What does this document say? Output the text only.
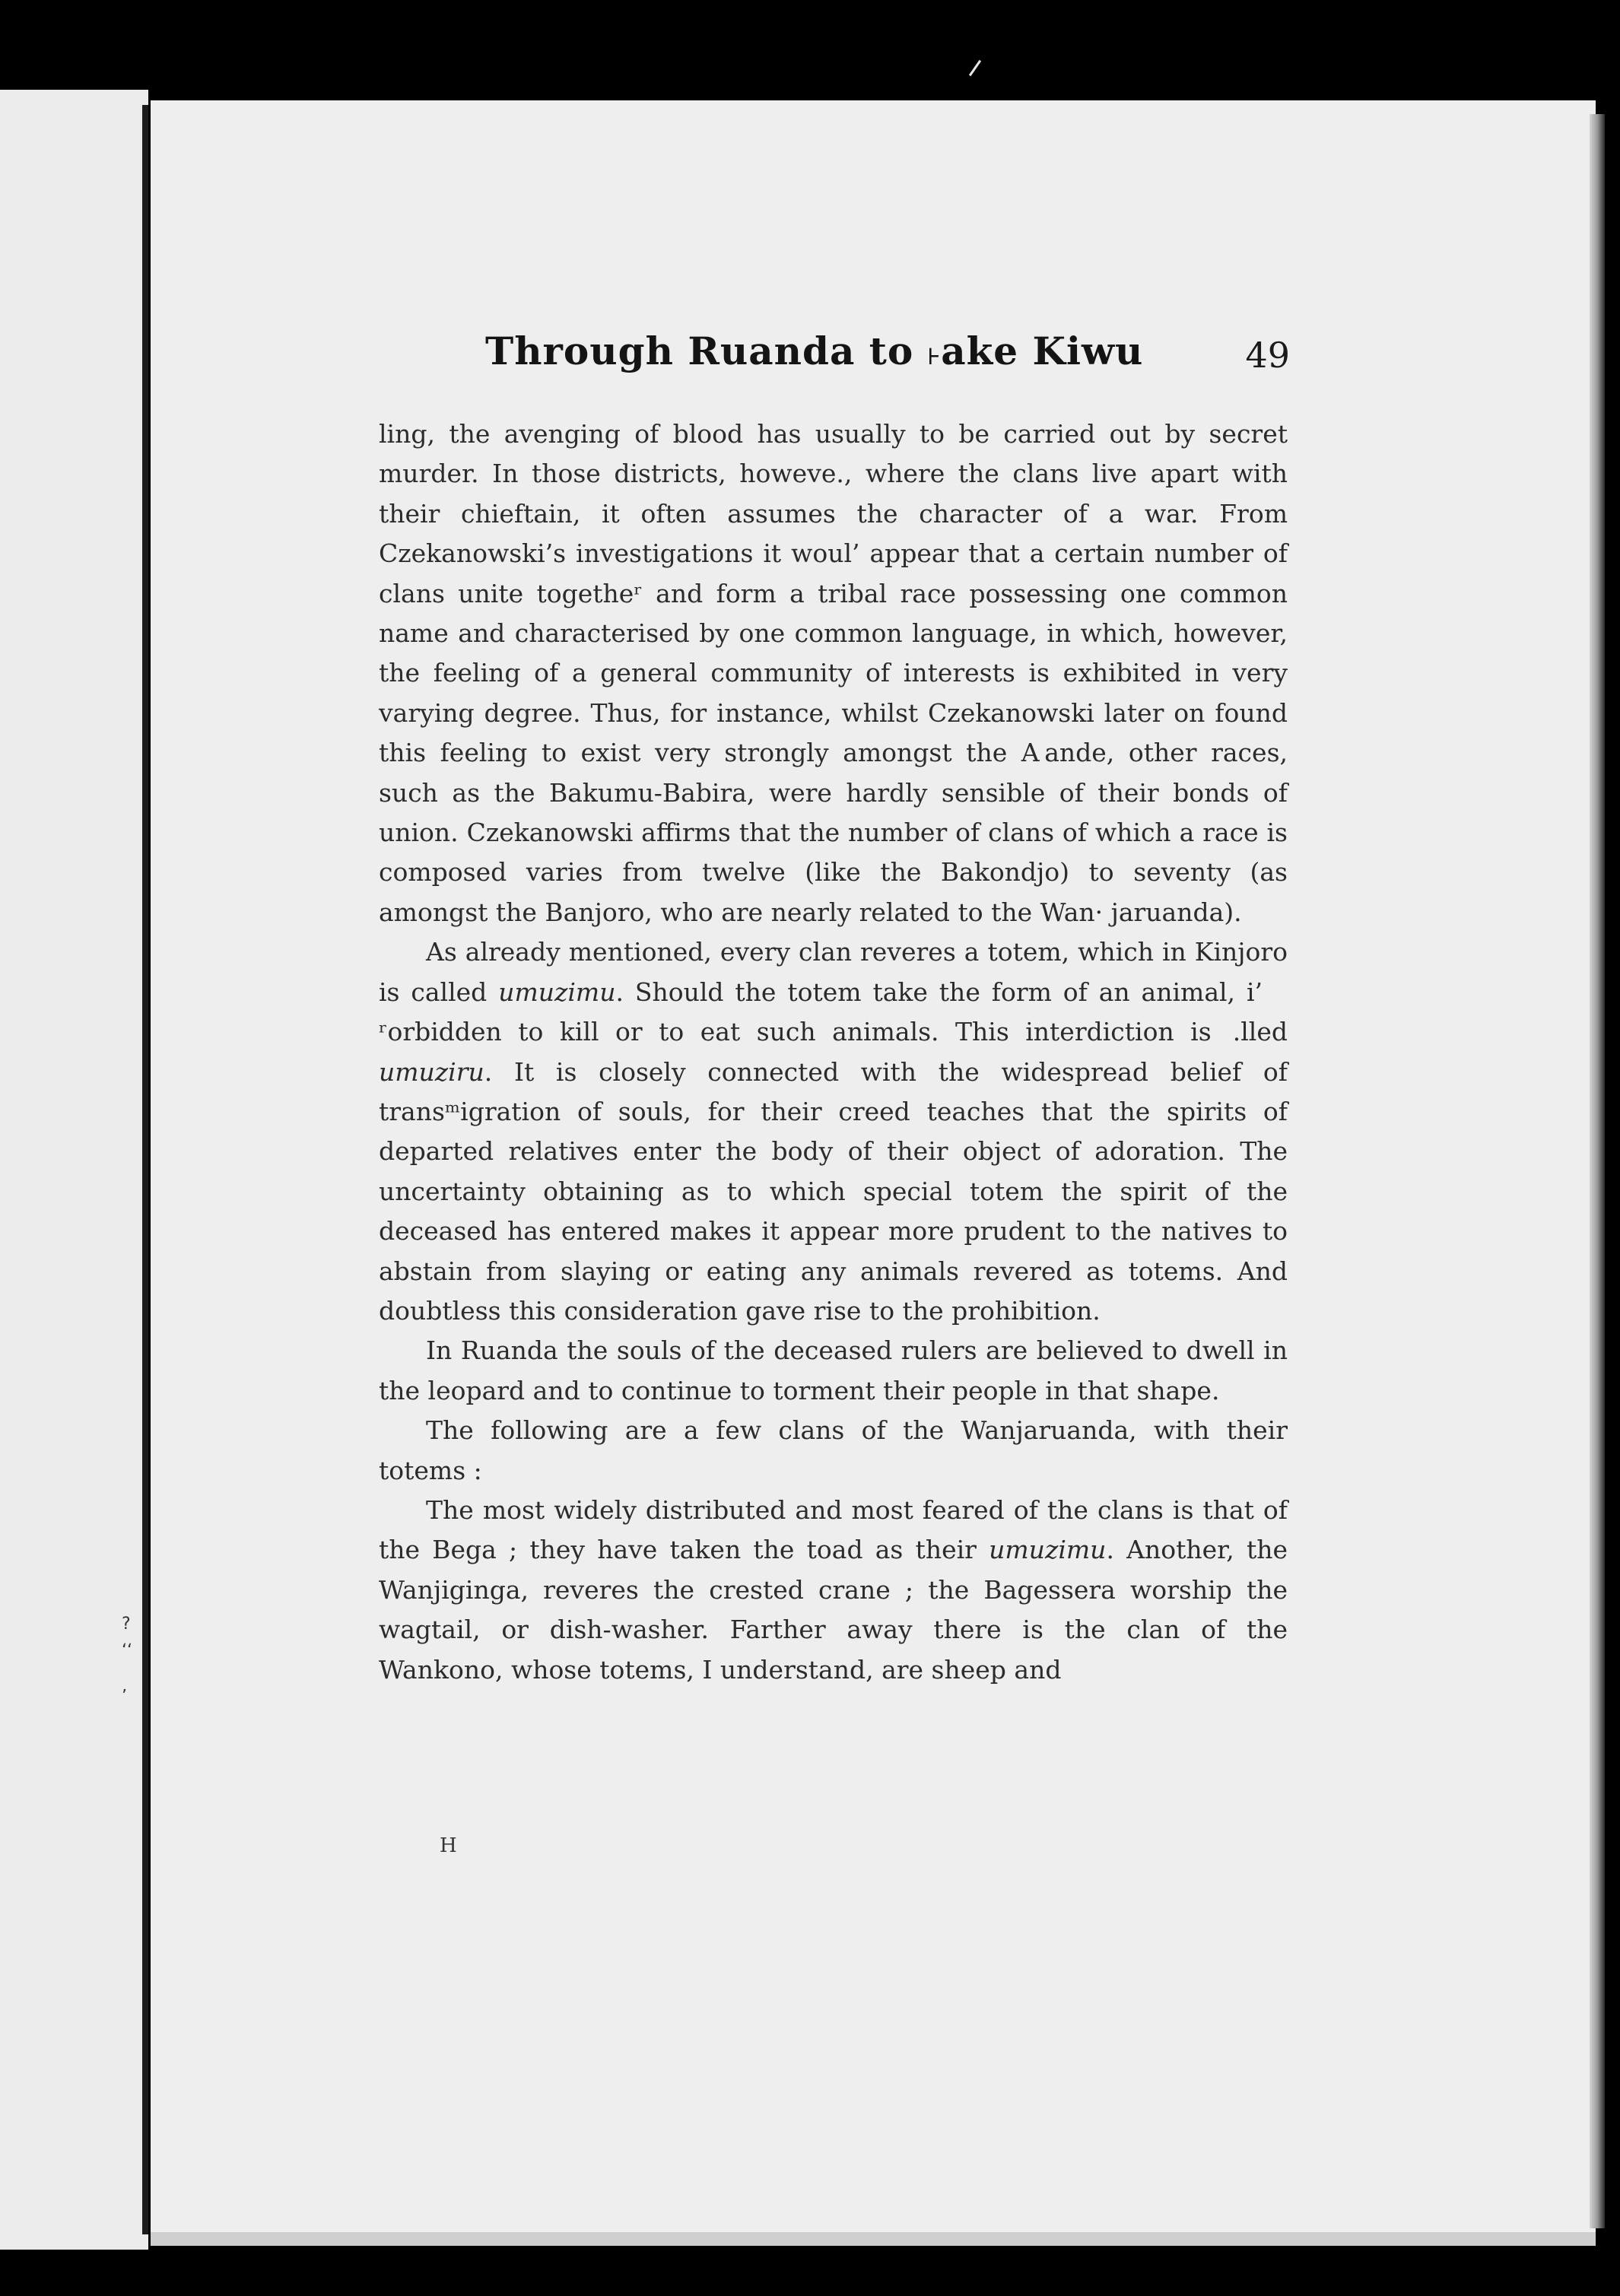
?
ʻʻ
ʼ
Through Ruanda to ˫ake Kiwu	49

ling, the avenging of blood has usually to be carried out by secret murder. In those districts, howeve., where the clans live apart with their chieftain, it often assumes the character of a war. From Czekanowski’s investigations it woul’ appear that a certain number of clans unite togetheʳ and form a tribal race possessing one common name and characterised by one common language, in which, however, the feeling of a general community of interests is exhibited in very varying degree. Thus, for instance, whilst Czekanowski later on found this feeling to exist very strongly amongst the A ande, other races, such as the Bakumu-Babira, were hardly sensible of their bonds of union. Czekanowski affirms that the number of clans of which a race is composed varies from twelve (like the Bakondjo) to seventy (as amongst the Banjoro, who are nearly related to the Wan· jaruanda).

As already mentioned, every clan reveres a totem, which in Kinjoro is called umuzimu. Should the totem take the form of an animal, i’ ʳorbidden to kill or to eat such animals. This interdiction is  .lled umuziru. It is closely connected with the widespread belief of transᵐigration of souls, for their creed teaches that the spirits of departed relatives enter the body of their object of adoration. The uncertainty obtaining as to which special totem the spirit of the deceased has entered makes it appear more prudent to the natives to abstain from slaying or eating any animals revered as totems. And doubtless this consideration gave rise to the prohibition.

In Ruanda the souls of the deceased rulers are believed to dwell in the leopard and to continue to torment their people in that shape.

The following are a few clans of the Wanjaruanda, with their totems :

The most widely distributed and most feared of the clans is that of the Bega ; they have taken the toad as their umuzimu. Another, the Wanjiginga, reveres the crested crane ; the Bagessera worship the wagtail, or dish-washer. Farther away there is the clan of the Wankono, whose totems, I understand, are sheep and

H
